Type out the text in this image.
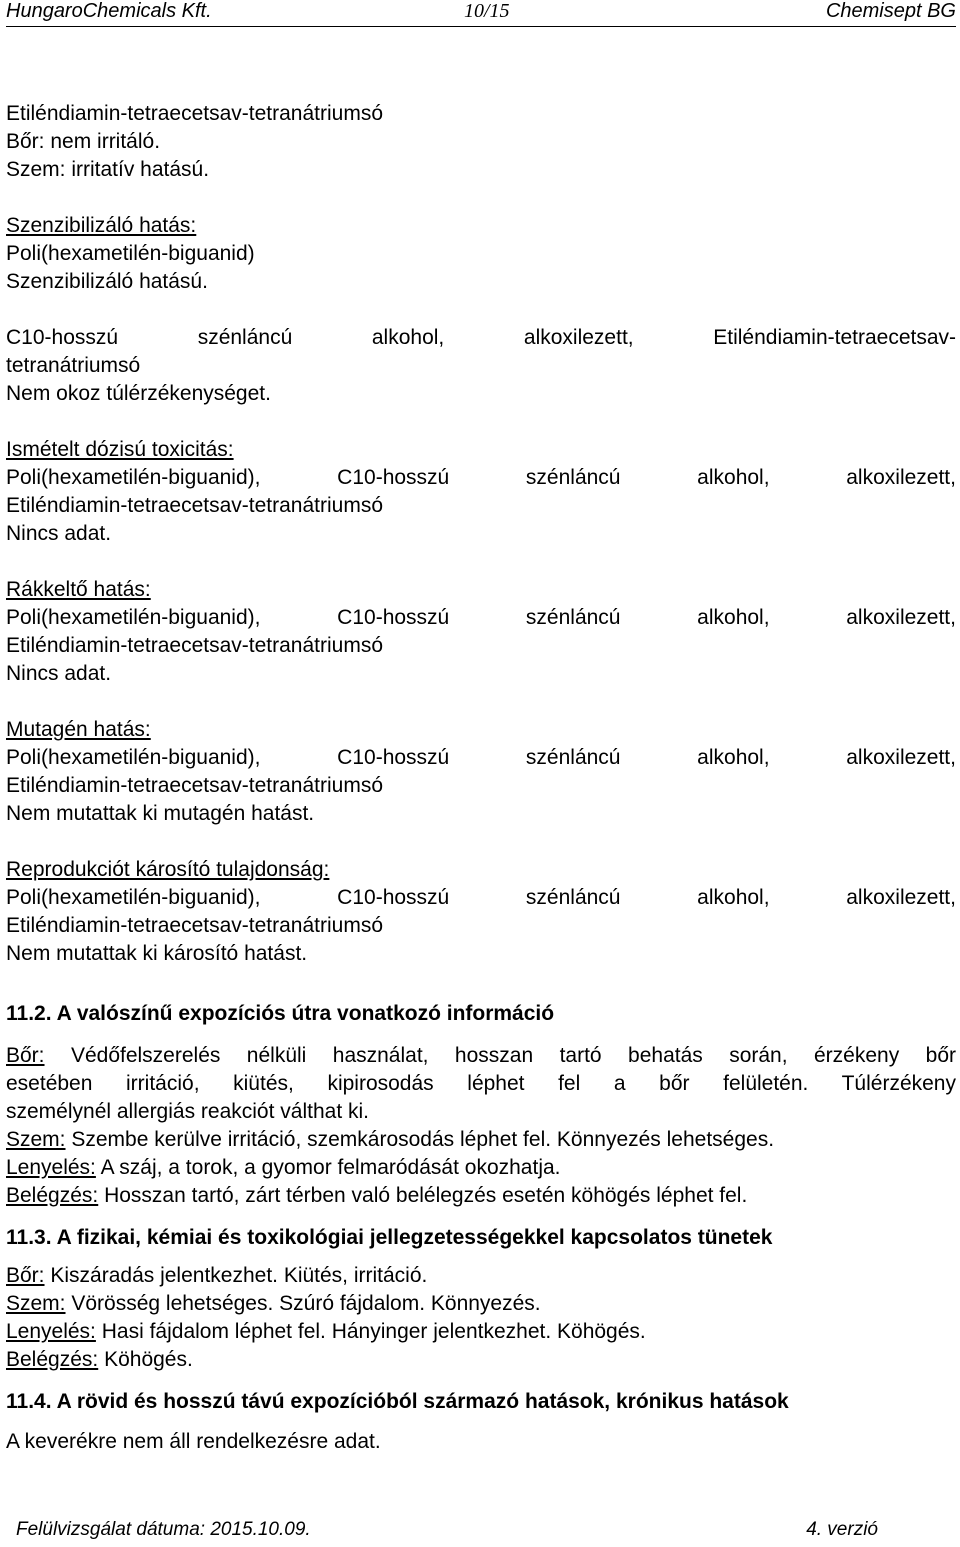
HungaroChemicals Kft.	10/15	Chemisept BG
Etiléndiamin-tetraecetsav-tetranátriumsó
Bőr: nem irritáló.
Szem: irritatív hatású.
Szenzibilizáló hatás:
Poli(hexametilén-biguanid)
Szenzibilizáló hatású.
C10-hosszú	szénláncú	alkohol,	alkoxilezett,	Etiléndiamin-tetraecetsav-
tetranátriumsó
Nem okoz túlérzékenységet.
Ismételt dózisú toxicitás:
Poli(hexametilén-biguanid),	C10-hosszú	szénláncú	alkohol,	alkoxilezett,
Etiléndiamin-tetraecetsav-tetranátriumsó
Nincs adat.
Rákkeltő hatás:
Poli(hexametilén-biguanid),	C10-hosszú	szénláncú	alkohol,	alkoxilezett,
Etiléndiamin-tetraecetsav-tetranátriumsó
Nincs adat.
Mutagén hatás:
Poli(hexametilén-biguanid),	C10-hosszú	szénláncú	alkohol,	alkoxilezett,
Etiléndiamin-tetraecetsav-tetranátriumsó
Nem mutattak ki mutagén hatást.
Reprodukciót károsító tulajdonság:
Poli(hexametilén-biguanid),	C10-hosszú	szénláncú	alkohol,	alkoxilezett,
Etiléndiamin-tetraecetsav-tetranátriumsó
Nem mutattak ki károsító hatást.
11.2. A valószínű expozíciós útra vonatkozó információ
Bőr: Védőfelszerelés nélküli használat, hosszan tartó behatás során, érzékeny bőr
esetében irritáció, kiütés, kipirosodás léphet fel a bőr felületén. Túlérzékeny
személynél allergiás reakciót válthat ki.
Szem: Szembe kerülve irritáció, szemkárosodás léphet fel. Könnyezés lehetséges.
Lenyelés: A száj, a torok, a gyomor felmaródását okozhatja.
Belégzés: Hosszan tartó, zárt térben való belélegzés esetén köhögés léphet fel.
11.3. A fizikai, kémiai és toxikológiai jellegzetességekkel kapcsolatos tünetek
Bőr: Kiszáradás jelentkezhet. Kiütés, irritáció.
Szem: Vörösség lehetséges. Szúró fájdalom. Könnyezés.
Lenyelés: Hasi fájdalom léphet fel. Hányinger jelentkezhet. Köhögés.
Belégzés: Köhögés.
11.4. A rövid és hosszú távú expozícióból származó hatások, krónikus hatások
A keverékre nem áll rendelkezésre adat.
Felülvizsgálat dátuma: 2015.10.09.	4. verzió
